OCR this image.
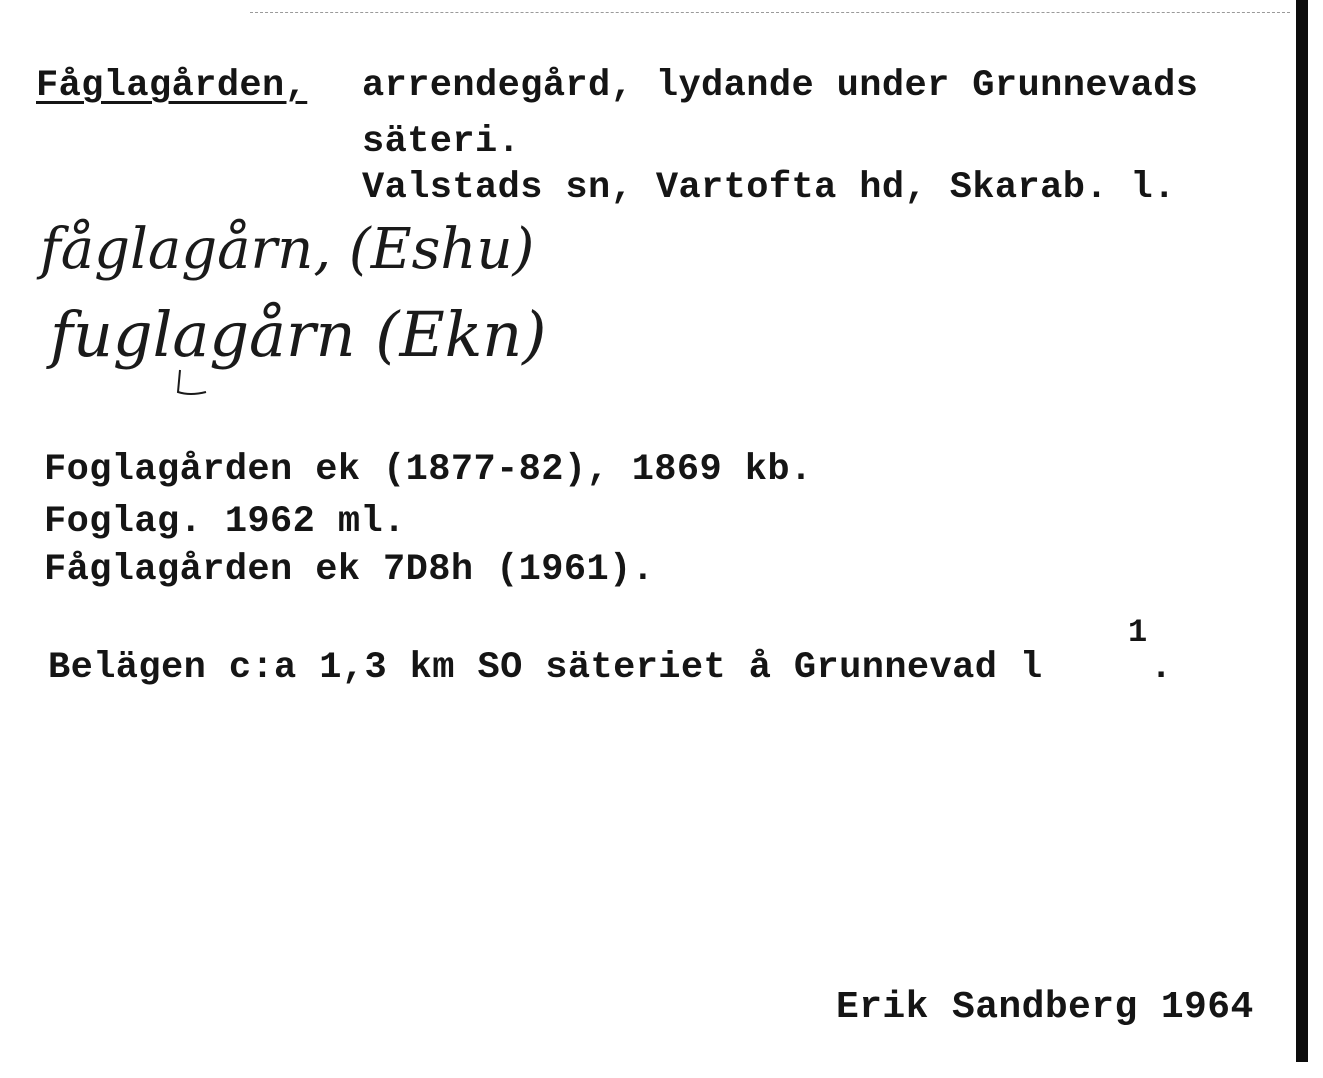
Fåglagården, arrendegård, lydande under Grunnevads
säteri.
Valstads sn, Vartofta hd, Skarab. l.
fåglagårn, (Eshu)
fuglagårn (Ekn)
Foglagården ek (1877-82), 1869 kb.
Foglag. 1962 ml.
Fåglagården ek 7D8h (1961).
Belägen c:a 1,3 km SO säteriet å Grunnevad l
1
.
Erik Sandberg 1964
